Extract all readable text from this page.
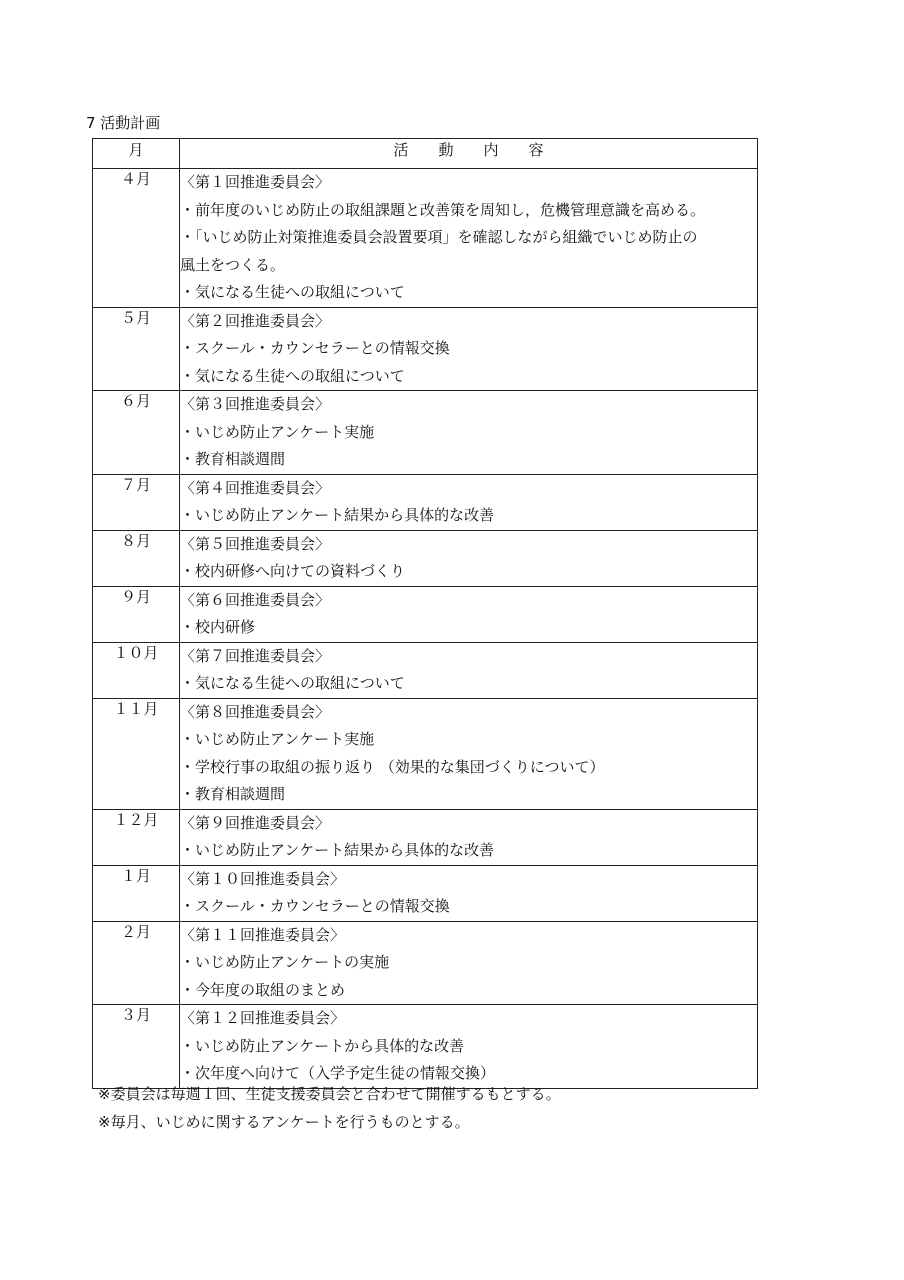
7 活動計画
月	活動内容
４月	〈第１回推進委員会〉
・前年度のいじめ防止の取組課題と改善策を周知し，危機管理意識を高める。
・「いじめ防止対策推進委員会設置要項」を確認しながら組織でいじめ防止の
風土をつくる。
・気になる生徒への取組について

５月	〈第２回推進委員会〉
・スクール・カウンセラーとの情報交換
・気になる生徒への取組について

６月	〈第３回推進委員会〉
・いじめ防止アンケート実施
・教育相談週間

７月	〈第４回推進委員会〉
・いじめ防止アンケート結果から具体的な改善

８月	〈第５回推進委員会〉
・校内研修へ向けての資料づくり

９月	〈第６回推進委員会〉
・校内研修

１０月	〈第７回推進委員会〉
・気になる生徒への取組について

１１月	〈第８回推進委員会〉
・いじめ防止アンケート実施
・学校行事の取組の振り返り （効果的な集団づくりについて）
・教育相談週間

１２月	〈第９回推進委員会〉
・いじめ防止アンケート結果から具体的な改善

１月	〈第１０回推進委員会〉
・スクール・カウンセラーとの情報交換

２月	〈第１１回推進委員会〉
・いじめ防止アンケートの実施
・今年度の取組のまとめ

３月	〈第１２回推進委員会〉
・いじめ防止アンケートから具体的な改善
・次年度へ向けて（入学予定生徒の情報交換）
※委員会は毎週１回、生徒支援委員会と合わせて開催するもとする。
※毎月、いじめに関するアンケートを行うものとする。
